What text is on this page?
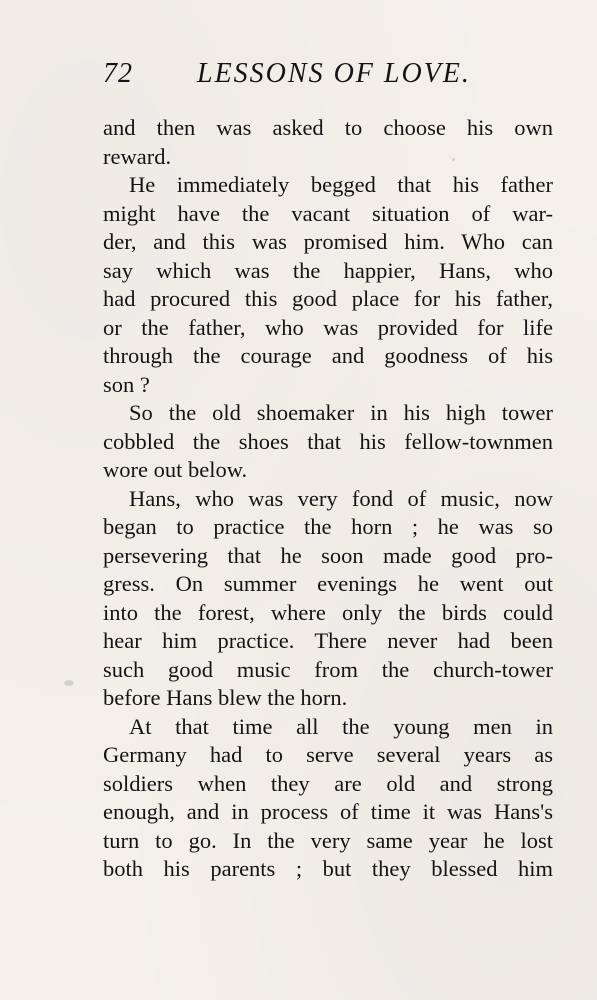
72 LESSONS OF LOVE.
and then was asked to choose his own
reward.
He immediately begged that his father
might have the vacant situation of war-
der, and this was promised him. Who can
say which was the happier, Hans, who
had procured this good place for his father,
or the father, who was provided for life
through the courage and goodness of his
son ?
So the old shoemaker in his high tower
cobbled the shoes that his fellow-townmen
wore out below.
Hans, who was very fond of music, now
began to practice the horn ; he was so
persevering that he soon made good pro-
gress. On summer evenings he went out
into the forest, where only the birds could
hear him practice. There never had been
such good music from the church-tower
before Hans blew the horn.
At that time all the young men in
Germany had to serve several years as
soldiers when they are old and strong
enough, and in process of time it was Hans's
turn to go. In the very same year he lost
both his parents ; but they blessed him
